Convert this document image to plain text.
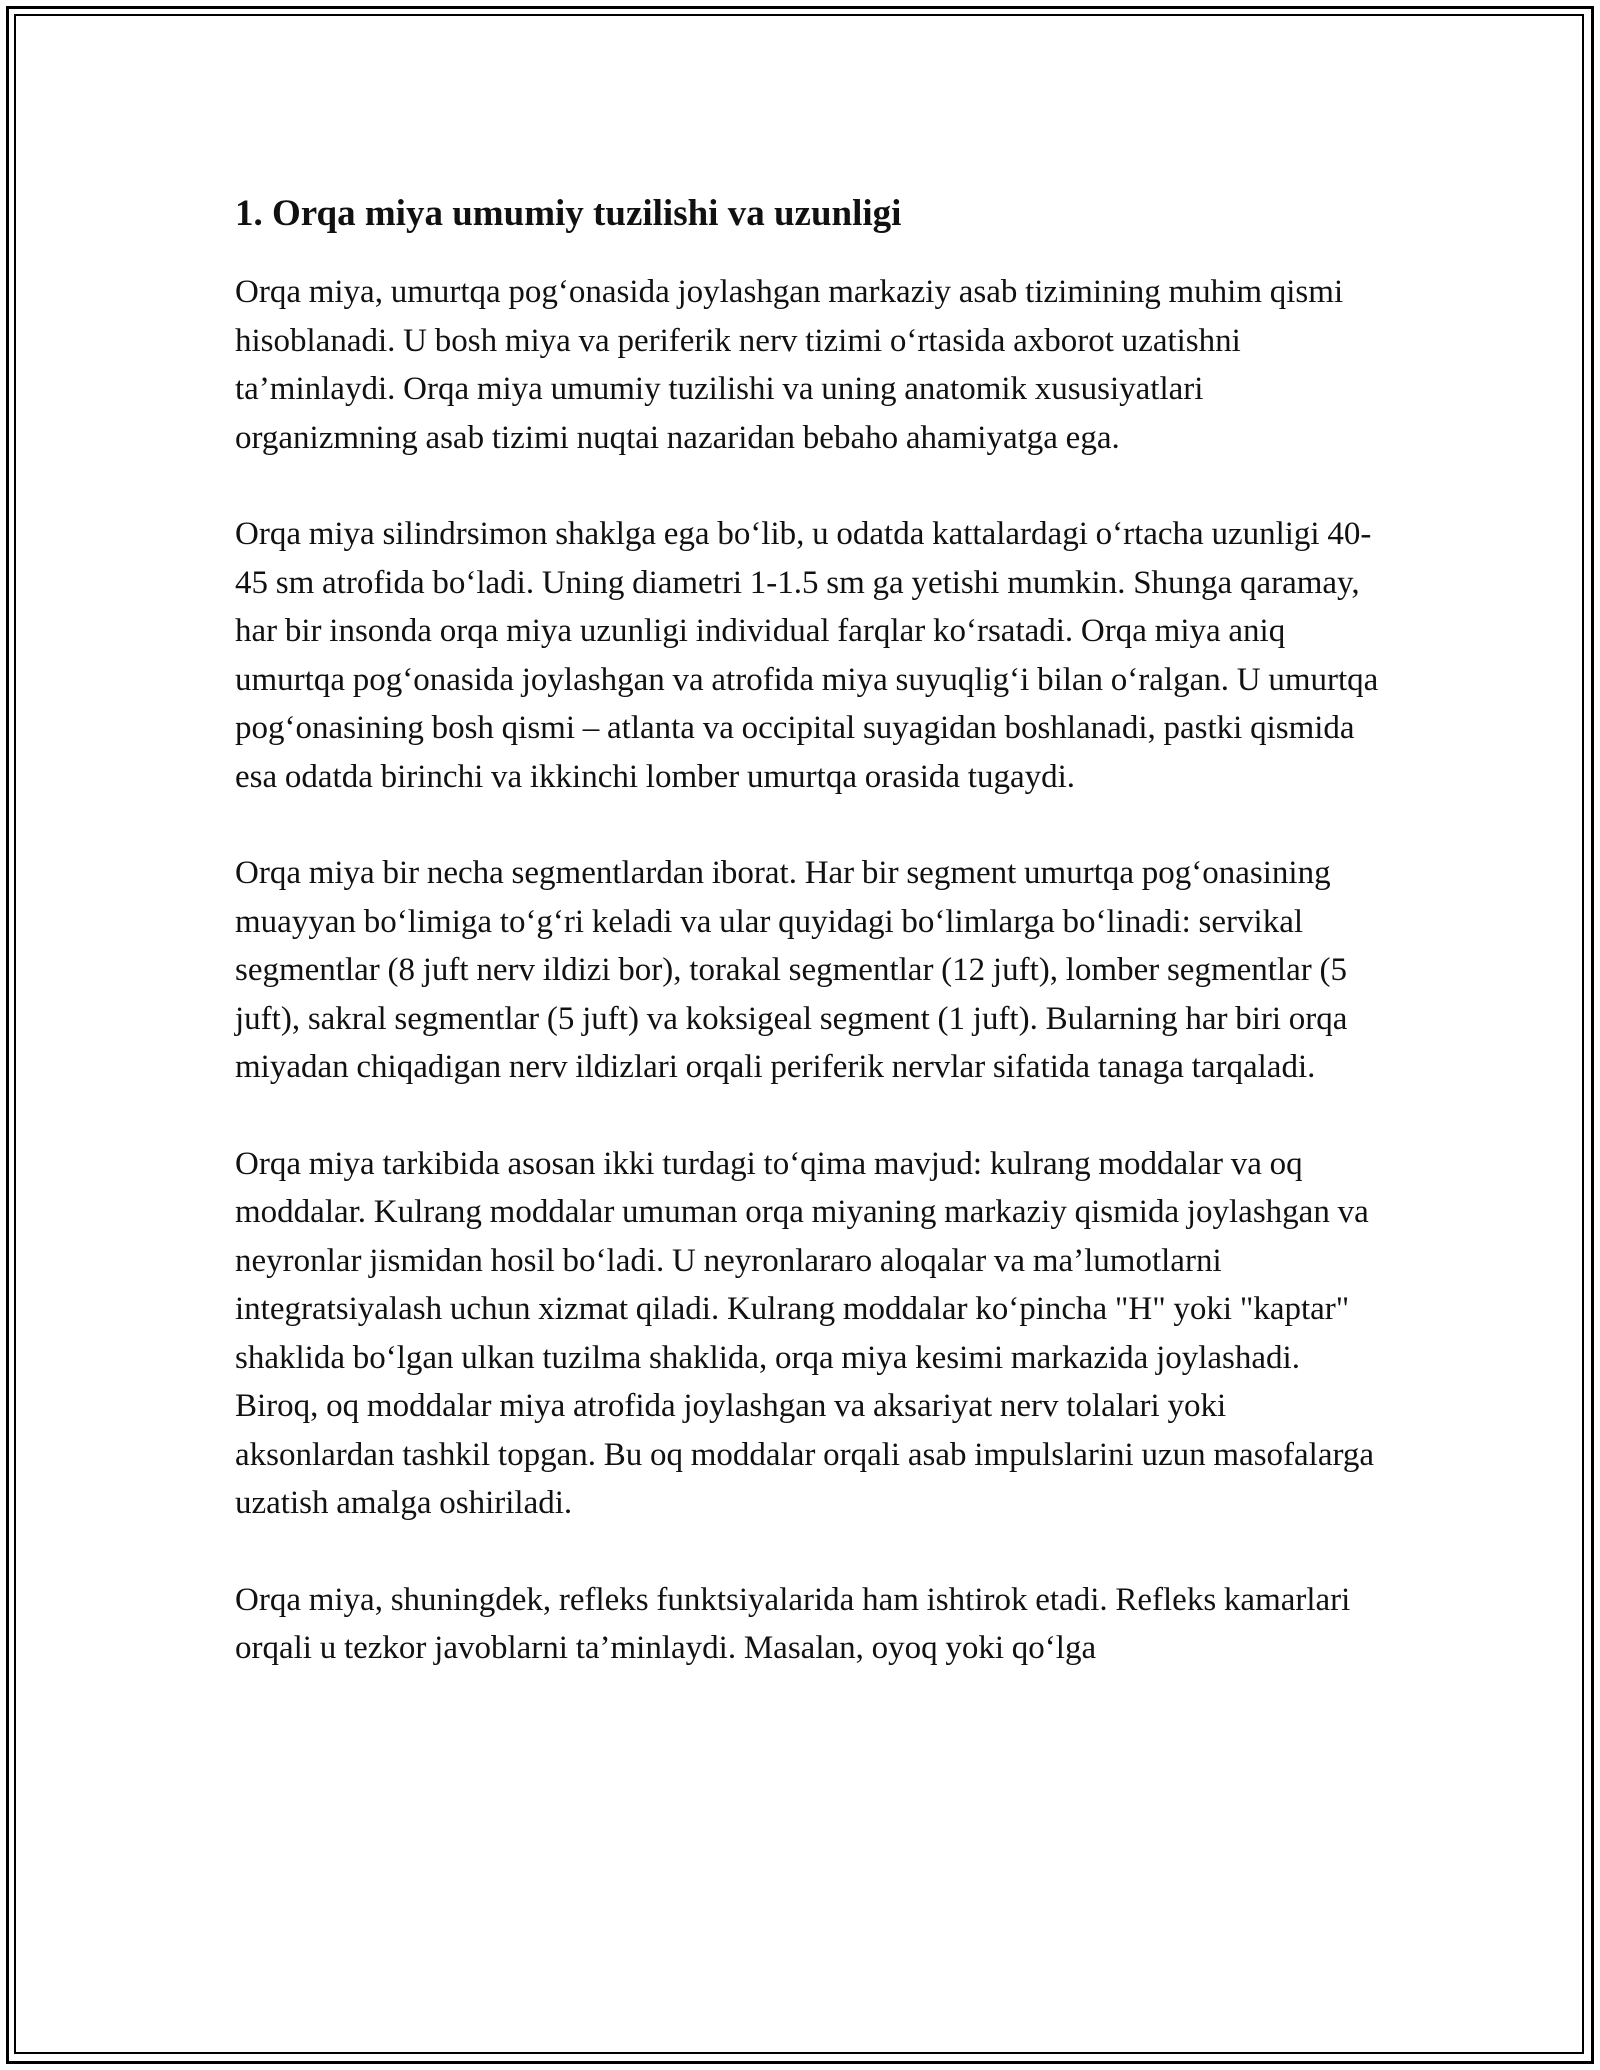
1. Orqa miya umumiy tuzilishi va uzunligi

Orqa miya, umurtqa pog‘onasida joylashgan markaziy asab tizimining muhim qismi hisoblanadi. U bosh miya va periferik nerv tizimi o‘rtasida axborot uzatishni ta’minlaydi. Orqa miya umumiy tuzilishi va uning anatomik xususiyatlari organizmning asab tizimi nuqtai nazaridan bebaho ahamiyatga ega.

Orqa miya silindrsimon shaklga ega bo‘lib, u odatda kattalardagi o‘rtacha uzunligi 40-45 sm atrofida bo‘ladi. Uning diametri 1-1.5 sm ga yetishi mumkin. Shunga qaramay, har bir insonda orqa miya uzunligi individual farqlar ko‘rsatadi. Orqa miya aniq umurtqa pog‘onasida joylashgan va atrofida miya suyuqlig‘i bilan o‘ralgan. U umurtqa pog‘onasining bosh qismi – atlanta va occipital suyagidan boshlanadi, pastki qismida esa odatda birinchi va ikkinchi lomber umurtqa orasida tugaydi.

Orqa miya bir necha segmentlardan iborat. Har bir segment umurtqa pog‘onasining muayyan bo‘limiga to‘g‘ri keladi va ular quyidagi bo‘limlarga bo‘linadi: servikal segmentlar (8 juft nerv ildizi bor), torakal segmentlar (12 juft), lomber segmentlar (5 juft), sakral segmentlar (5 juft) va koksigeal segment (1 juft). Bularning har biri orqa miyadan chiqadigan nerv ildizlari orqali periferik nervlar sifatida tanaga tarqaladi.

Orqa miya tarkibida asosan ikki turdagi to‘qima mavjud: kulrang moddalar va oq moddalar. Kulrang moddalar umuman orqa miyaning markaziy qismida joylashgan va neyronlar jismidan hosil bo‘ladi. U neyronlararo aloqalar va ma’lumotlarni integratsiyalash uchun xizmat qiladi. Kulrang moddalar ko‘pincha "H" yoki "kaptar" shaklida bo‘lgan ulkan tuzilma shaklida, orqa miya kesimi markazida joylashadi. Biroq, oq moddalar miya atrofida joylashgan va aksariyat nerv tolalari yoki aksonlardan tashkil topgan. Bu oq moddalar orqali asab impulslarini uzun masofalarga uzatish amalga oshiriladi.

Orqa miya, shuningdek, refleks funktsiyalarida ham ishtirok etadi. Refleks kamarlari orqali u tezkor javoblarni ta’minlaydi. Masalan, oyoq yoki qo‘lga
